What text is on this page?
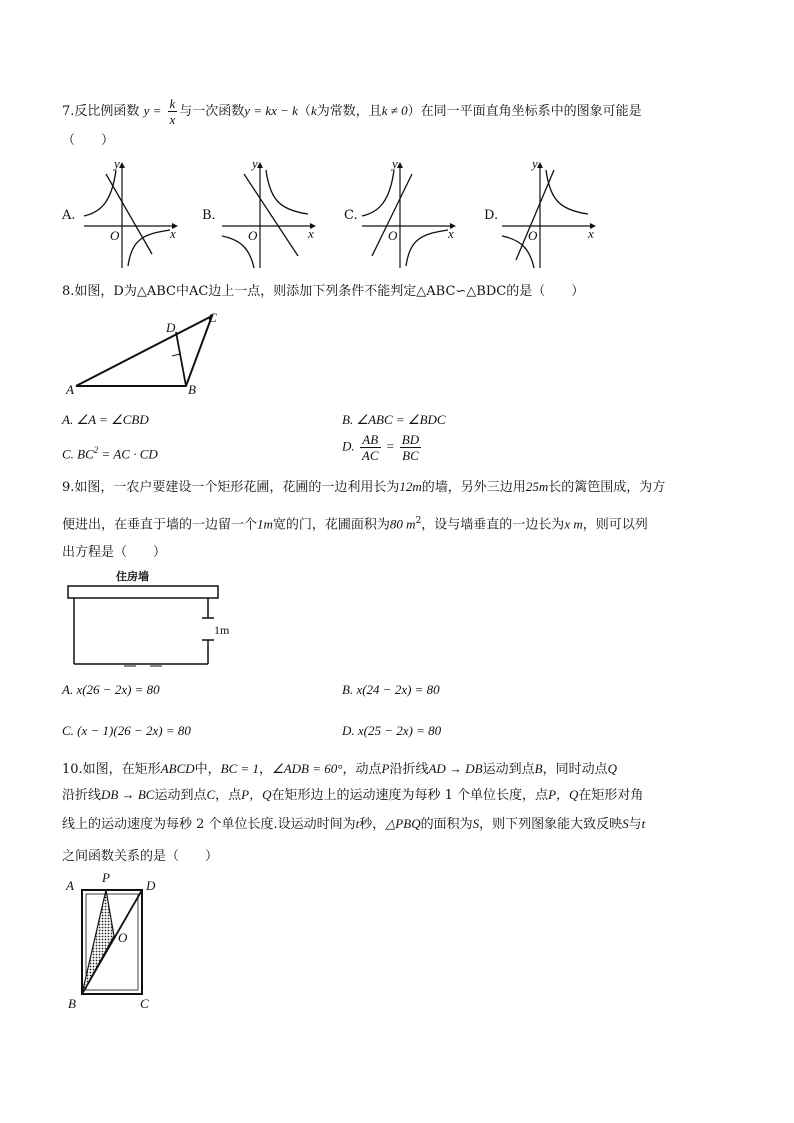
7.反比例函数 $y = \frac{k}{x}$ 与一次函数y = kx − k（k为常数，且k ≠ 0）在同一平面直角坐标系中的图象可能是
（　　）
A.
y
x
O
B.
y
x
O
C.
y
x
O
D.
y
x
O
8.如图，D为△ABC中AC边上一点，则添加下列条件不能判定△ABC∽△BDC的是（　　）
A	B
C
D
A. ∠A = ∠CBD	B. ∠ABC = ∠BDC
C. $BC^2$ = AC · CD
D. $\frac{AB}{AC} = \frac{BD}{BC}$
9.如图，一农户要建设一个矩形花圃，花圃的一边利用长为12m的墙，另外三边用25m长的篱笆围成，为方
便进出，在垂直于墙的一边留一个1m宽的门，花圃面积为80 $m^2$，设与墙垂直的一边长为x m，则可以列
出方程是（　　）
住房墙
1m
A. x(26 − 2x) = 80	B. x(24 − 2x) = 80
C. (x − 1)(26 − 2x) = 80	D. x(25 − 2x) = 80
10.如图，在矩形ABCD中，BC = 1，∠ADB = 60°，动点P沿折线AD → DB运动到点B，同时动点Q
沿折线DB → BC运动到点C，点P，Q在矩形边上的运动速度为每秒 1 个单位长度，点P，Q在矩形对角
线上的运动速度为每秒 2 个单位长度.设运动时间为t秒，△PBQ的面积为S，则下列图象能大致反映S与t
之间函数关系的是（　　）
A
P
D
O
B	C
